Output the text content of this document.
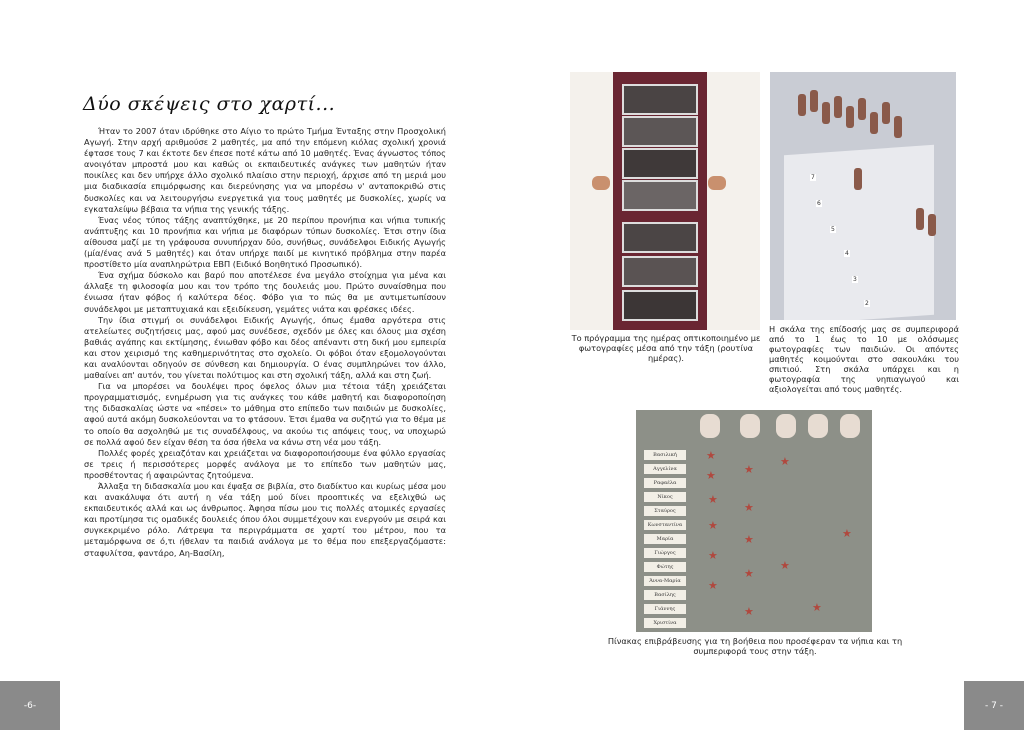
Δύο σκέψεις στο χαρτί...

Ήταν το 2007 όταν ιδρύθηκε στο Αίγιο το πρώτο Τμήμα Ένταξης στην Προσχολική Αγωγή. Στην αρχή αριθμούσε 2 μαθητές, μα από την επόμενη κιόλας σχολική χρονιά έφτασε τους 7 και έκτοτε δεν έπεσε ποτέ κάτω από 10 μαθητές. Ένας άγνωστος τόπος ανοιγόταν μπροστά μου και καθώς οι εκπαιδευτικές ανάγκες των μαθητών ήταν ποικίλες και δεν υπήρχε άλλο σχολικό πλαίσιο στην περιοχή, άρχισε από τη μεριά μου μια διαδικασία επιμόρφωσης και διερεύνησης για να μπορέσω ν' ανταποκριθώ στις δυσκολίες και να λειτουργήσω ενεργετικά για τους μαθητές με δυσκολίες, χωρίς να εγκαταλείψω βέβαια τα νήπια της γενικής τάξης.

Ένας νέος τύπος τάξης αναπτύχθηκε, με 20 περίπου προνήπια και νήπια τυπικής ανάπτυξης και 10 προνήπια και νήπια με διαφόρων τύπων δυσκολίες. Έτσι στην ίδια αίθουσα μαζί με τη γράφουσα συνυπήρχαν δύο, συνήθως, συνάδελφοι Ειδικής Αγωγής (μία/ένας ανά 5 μαθητές) και όταν υπήρχε παιδί με κινητικό πρόβλημα στην παρέα προστίθετο μία αναπληρώτρια ΕΒΠ (Ειδικό Βοηθητικό Προσωπικό).

Ένα σχήμα δύσκολο και βαρύ που αποτέλεσε ένα μεγάλο στοίχημα για μένα και άλλαξε τη φιλοσοφία μου και τον τρόπο της δουλειάς μου. Πρώτο συναίσθημα που ένιωσα ήταν φόβος ή καλύτερα δέος. Φόβο για το πώς θα με αντιμετωπίσουν συνάδελφοι με μεταπτυχιακά και εξειδίκευση, γεμάτες νιάτα και φρέσκες ιδέες.

Την ίδια στιγμή οι συνάδελφοι Ειδικής Αγωγής, όπως έμαθα αργότερα στις ατελείωτες συζητήσεις μας, αφού μας συνέδεσε, σχεδόν με όλες και όλους μια σχέση βαθιάς αγάπης και εκτίμησης, ένιωθαν φόβο και δέος απέναντι στη δική μου εμπειρία και στον χειρισμό της καθημερινότητας στο σχολείο. Οι φόβοι όταν εξομολογούνται και αναλύονται οδηγούν σε σύνθεση και δημιουργία. Ο ένας συμπληρώνει τον άλλο, μαθαίνει απ' αυτόν, του γίνεται πολύτιμος και στη σχολική τάξη, αλλά και στη ζωή.

Για να μπορέσει να δουλέψει προς όφελος όλων μια τέτοια τάξη χρειάζεται προγραμματισμός, ενημέρωση για τις ανάγκες του κάθε μαθητή και διαφοροποίηση της διδασκαλίας ώστε να «πέσει» το μάθημα στο επίπεδο των παιδιών με δυσκολίες, αφού αυτά ακόμη δυσκολεύονται να το φτάσουν. Έτσι έμαθα να συζητώ για το θέμα με το οποίο θα ασχοληθώ με τις συναδέλφους, να ακούω τις απόψεις τους, να υποχωρώ σε πολλά αφού δεν είχαν θέση τα όσα ήθελα να κάνω στη νέα μου τάξη.

Πολλές φορές χρειαζόταν και χρειάζεται να διαφοροποιήσουμε ένα φύλλο εργασίας σε τρεις ή περισσότερες μορφές ανάλογα με το επίπεδο των μαθητών μας, προσθέτοντας ή αφαιρώντας ζητούμενα.

Άλλαξα τη διδασκαλία μου και έψαξα σε βιβλία, στο διαδίκτυο και κυρίως μέσα μου και ανακάλυψα ότι αυτή η νέα τάξη μού δίνει προοπτικές να εξελιχθώ ως εκπαιδευτικός αλλά και ως άνθρωπος. Άφησα πίσω μου τις πολλές ατομικές εργασίες και προτίμησα τις ομαδικές δουλειές όπου όλοι συμμετέχουν και ενεργούν με σειρά και συγκεκριμένο ρόλο. Λάτρεψα τα περιγράμματα σε χαρτί του μέτρου, που τα μεταμόρφωνα σε ό,τι ήθελαν τα παιδιά ανάλογα με το θέμα που επεξεργαζόμαστε: σταφυλίτσα, φαντάρο, Αη-Βασίλη,

-6-
Το πρόγραμμα της ημέρας οπτικοποιημένο με φωτογραφίες μέσα από την τάξη (ρουτίνα ημέρας).
7
6
5
4
3
2
Η σκάλα της επίδοσής μας σε συμπεριφορά από το 1 έως το 10 με ολόσωμες φωτογραφίες των παιδιών. Οι απόντες μαθητές κοιμούνται στο σακουλάκι του σπιτιού. Στη σκάλα υπάρχει και η φωτογραφία της νηπιαγωγού και αξιολογείται από τους μαθητές.
Βασιλική
Αγγελίνα
Ραφαέλα
Νίκος
Σταύρος
Κωνσταντίνα
Μαρία
Γιώργος
Φώτης
Άννα-Μαρία
Βασίλης
Γιάννης
Χριστίνα
★
★
★
★
★
★
★
★
★
★
★
★
★
★
★
Πίνακας επιβράβευσης για τη βοήθεια που προσέφεραν τα νήπια και τη συμπεριφορά τους στην τάξη.
- 7 -
